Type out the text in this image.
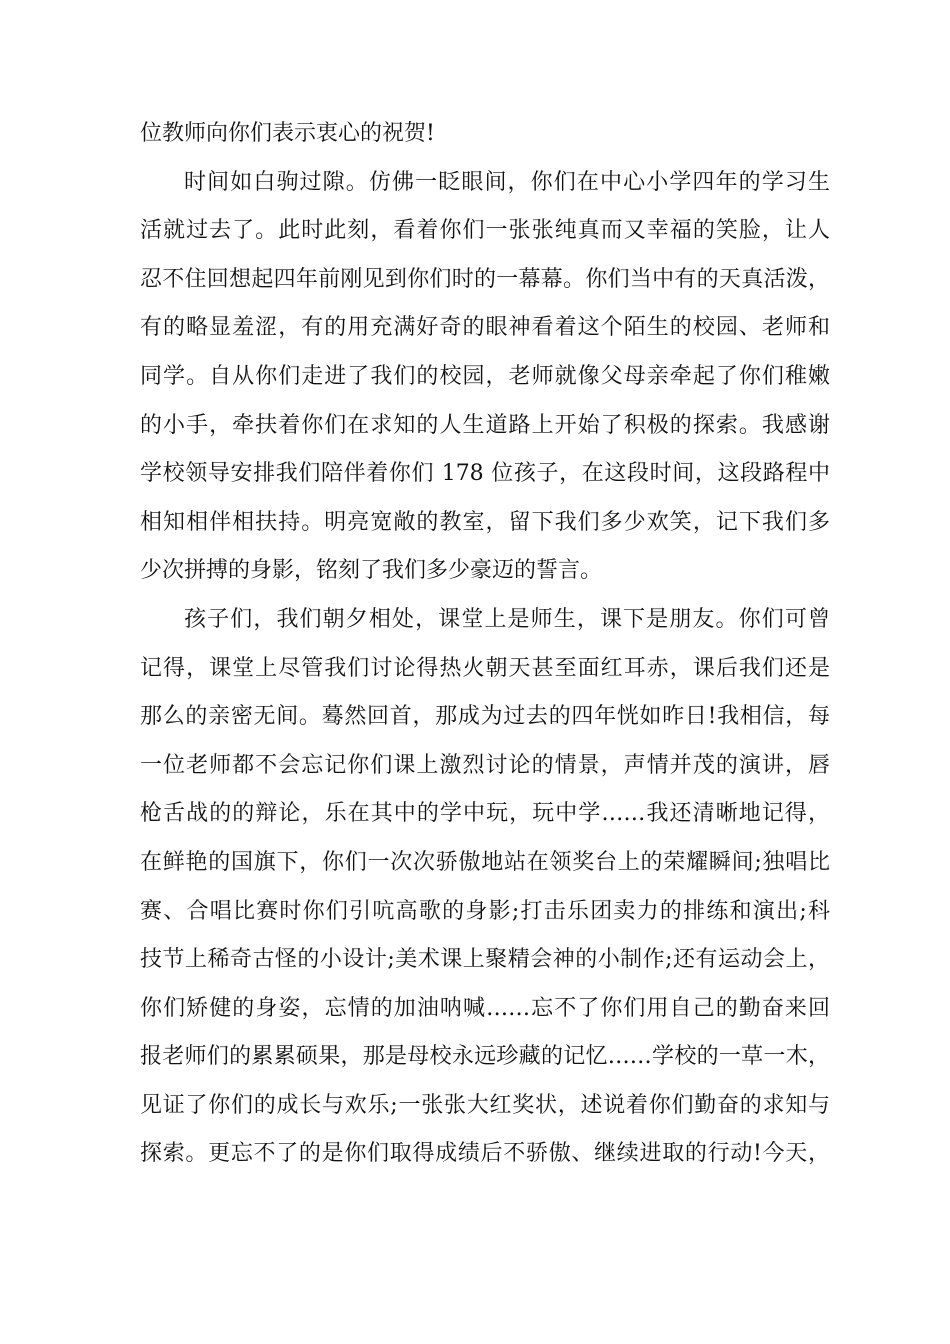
位教师向你们表示衷心的祝贺!
时间如白驹过隙。仿佛一眨眼间，你们在中心小学四年的学习生
活就过去了。此时此刻，看着你们一张张纯真而又幸福的笑脸，让人
忍不住回想起四年前刚见到你们时的一幕幕。你们当中有的天真活泼，
有的略显羞涩，有的用充满好奇的眼神看着这个陌生的校园、老师和
同学。自从你们走进了我们的校园，老师就像父母亲牵起了你们稚嫩
的小手，牵扶着你们在求知的人生道路上开始了积极的探索。我感谢
学校领导安排我们陪伴着你们 178 位孩子，在这段时间，这段路程中
相知相伴相扶持。明亮宽敞的教室，留下我们多少欢笑，记下我们多
少次拼搏的身影，铭刻了我们多少豪迈的誓言。
孩子们，我们朝夕相处，课堂上是师生，课下是朋友。你们可曾
记得，课堂上尽管我们讨论得热火朝天甚至面红耳赤，课后我们还是
那么的亲密无间。蓦然回首，那成为过去的四年恍如昨日!我相信，每
一位老师都不会忘记你们课上激烈讨论的情景，声情并茂的演讲，唇
枪舌战的的辩论，乐在其中的学中玩，玩中学……我还清晰地记得，
在鲜艳的国旗下，你们一次次骄傲地站在领奖台上的荣耀瞬间;独唱比
赛、合唱比赛时你们引吭高歌的身影;打击乐团卖力的排练和演出;科
技节上稀奇古怪的小设计;美术课上聚精会神的小制作;还有运动会上，
你们矫健的身姿，忘情的加油呐喊……忘不了你们用自己的勤奋来回
报老师们的累累硕果，那是母校永远珍藏的记忆……学校的一草一木，
见证了你们的成长与欢乐;一张张大红奖状，述说着你们勤奋的求知与
探索。更忘不了的是你们取得成绩后不骄傲、继续进取的行动!今天，
